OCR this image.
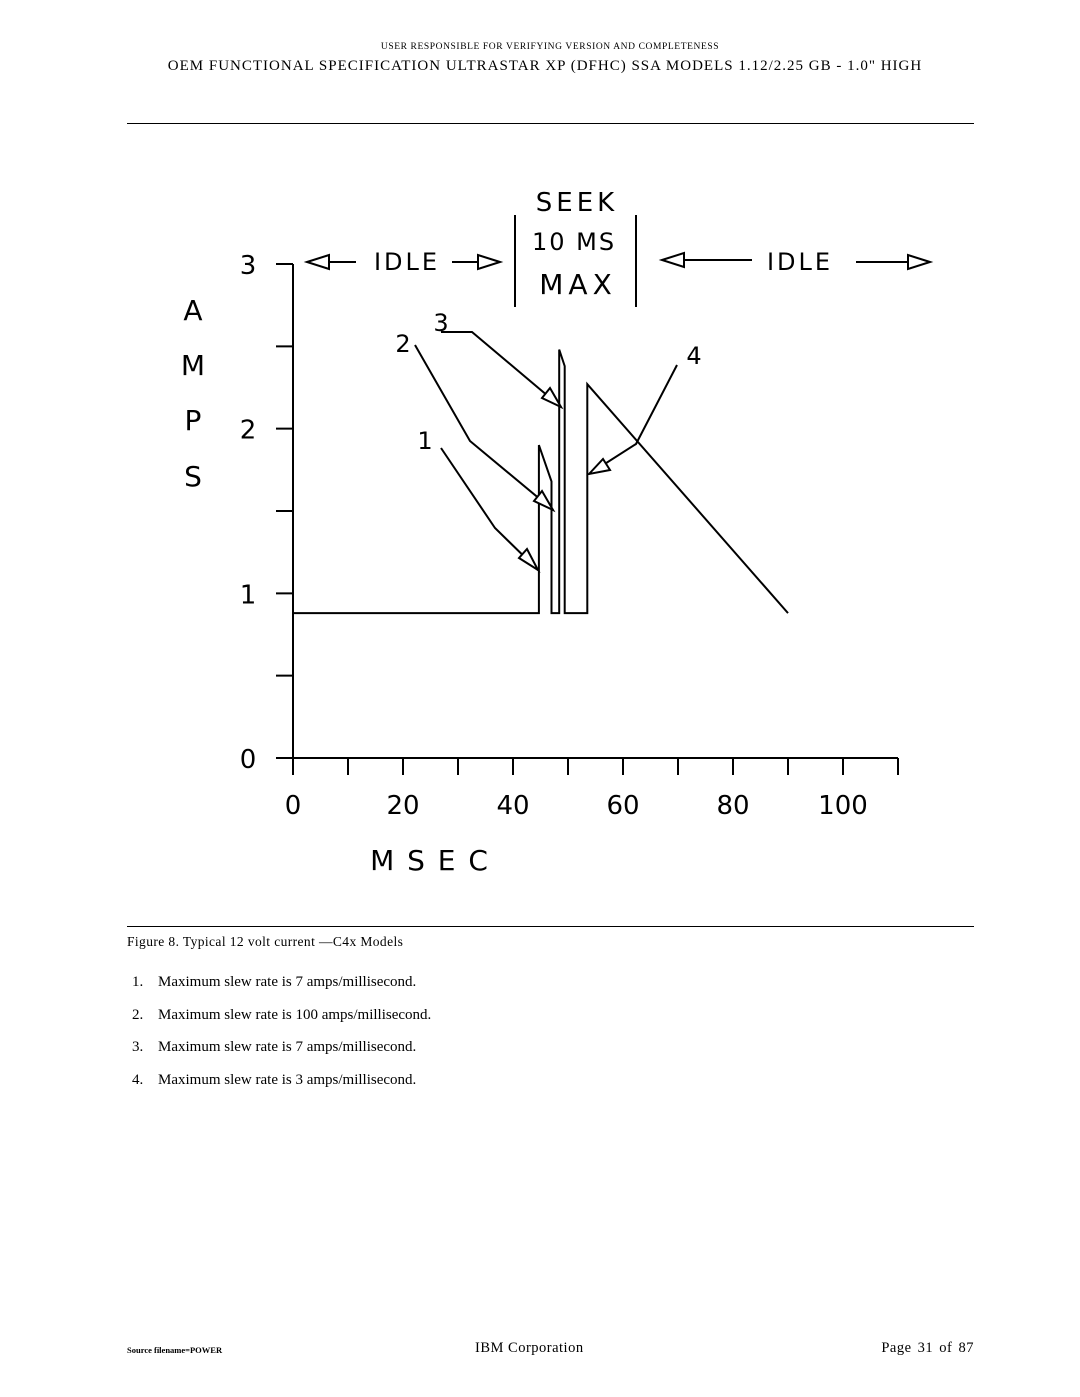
USER RESPONSIBLE FOR VERIFYING VERSION AND COMPLETENESS
OEM FUNCTIONAL SPECIFICATION ULTRASTAR XP (DFHC) SSA MODELS 1.12/2.25 GB - 1.0" HIGH
0
1
2
3
0	20	40	60	80	100
A
M
P
S
M S E C
IDLE
SEEK
10 MS
MAX
IDLE
1
2
3
4
Figure 8. Typical 12 volt current —C4x Models
1. Maximum slew rate is 7 amps/millisecond.
2. Maximum slew rate is 100 amps/millisecond.
3. Maximum slew rate is 7 amps/millisecond.
4. Maximum slew rate is 3 amps/millisecond.
Source filename=POWER	IBM Corporation	Page 31 of 87
